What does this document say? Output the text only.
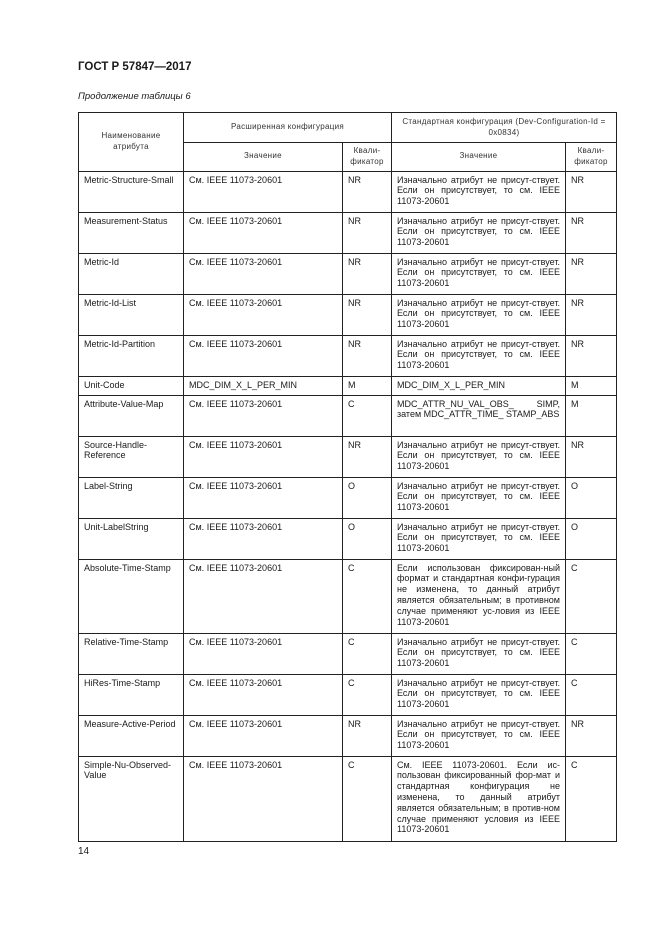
ГОСТ Р 57847—2017
Продолжение таблицы 6
Наименование атрибута	Расширенная конфигурация		Стандартная конфигурация (Dev-Configuration-Id = 0x0834)	
	Значение	Квали-фикатор	Значение	Квали-фикатор
Metric-Structure-Small	См. IEEE 11073-20601	NR	Изначально атрибут не присут-ствует. Если он присутствует, то см. IEEE 11073-20601	NR
Measurement-Status	См. IEEE 11073-20601	NR	Изначально атрибут не присут-ствует. Если он присутствует, то см. IEEE 11073-20601	NR
Metric-Id	См. IEEE 11073-20601	NR	Изначально атрибут не присут-ствует. Если он присутствует, то см. IEEE 11073-20601	NR
Metric-Id-List	См. IEEE 11073-20601	NR	Изначально атрибут не присут-ствует. Если он присутствует, то см. IEEE 11073-20601	NR
Metric-Id-Partition	См. IEEE 11073-20601	NR	Изначально атрибут не присут-ствует. Если он присутствует, то см. IEEE 11073-20601	NR
Unit-Code	MDC_DIM_X_L_PER_MIN	M	MDC_DIM_X_L_PER_MIN	M
Attribute-Value-Map	См. IEEE 11073-20601	C	MDC_ATTR_NU_VAL_OBS_ SIMP, затем MDC_ATTR_TIME_ STAMP_ABS	M
Source-Handle-Reference	См. IEEE 11073-20601	NR	Изначально атрибут не присут-ствует. Если он присутствует, то см. IEEE 11073-20601	NR
Label-String	См. IEEE 11073-20601	O	Изначально атрибут не присут-ствует. Если он присутствует, то см. IEEE 11073-20601	O
Unit-LabelString	См. IEEE 11073-20601	O	Изначально атрибут не присут-ствует. Если он присутствует, то см. IEEE 11073-20601	O
Absolute-Time-Stamp	См. IEEE 11073-20601	C	Если использован фиксирован-ный формат и стандартная конфи-гурация не изменена, то данный атрибут является обязательным; в противном случае применяют ус-ловия из IEEE 11073-20601	C
Relative-Time-Stamp	См. IEEE 11073-20601	C	Изначально атрибут не присут-ствует. Если он присутствует, то см. IEEE 11073-20601	C
HiRes-Time-Stamp	См. IEEE 11073-20601	C	Изначально атрибут не присут-ствует. Если он присутствует, то см. IEEE 11073-20601	C
Measure-Active-Period	См. IEEE 11073-20601	NR	Изначально атрибут не присут-ствует. Если он присутствует, то см. IEEE 11073-20601	NR
Simple-Nu-Observed-Value	См. IEEE 11073-20601	C	См. IEEE 11073-20601. Если ис-пользован фиксированный фор-мат и стандартная конфигурация не изменена, то данный атрибут является обязательным; в против-ном случае применяют условия из IEEE 11073-20601	C
14
